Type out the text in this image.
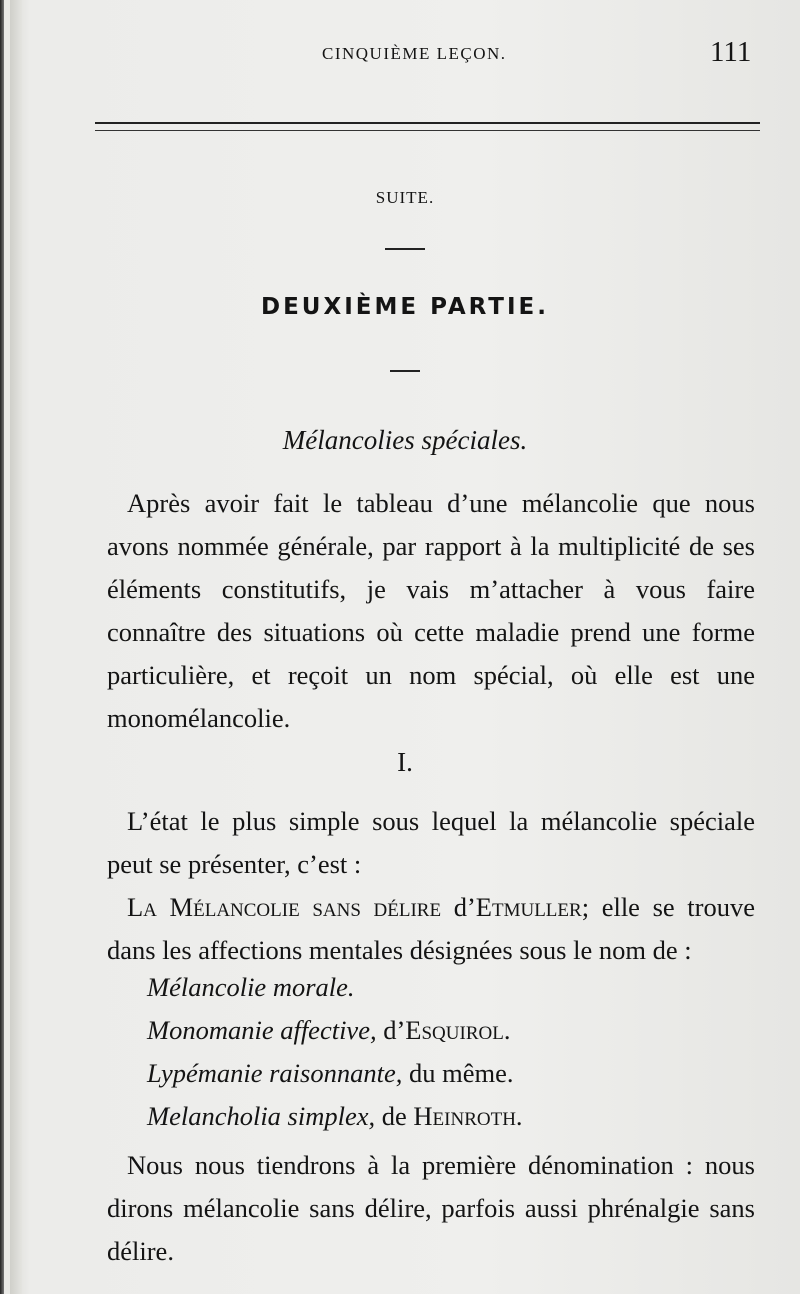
CINQUIÈME LEÇON.	111
SUITE.
DEUXIÈME PARTIE.
Mélancolies spéciales.

Après avoir fait le tableau d’une mélancolie que nous avons nommée générale, par rapport à la multiplicité de ses éléments constitutifs, je vais m’attacher à vous faire connaître des situations où cette maladie prend une forme particulière, et reçoit un nom spécial, où elle est une monomélancolie.

I.

L’état le plus simple sous lequel la mélancolie spéciale peut se présenter, c’est :

La Mélancolie sans délire d’Etmuller; elle se trouve dans les affections mentales désignées sous le nom de :

Mélancolie morale.
Monomanie affective, d’Esquirol.
Lypémanie raisonnante, du même.
Melancholia simplex, de Heinroth.

Nous nous tiendrons à la première dénomination : nous dirons mélancolie sans délire, parfois aussi phrénalgie sans délire.
